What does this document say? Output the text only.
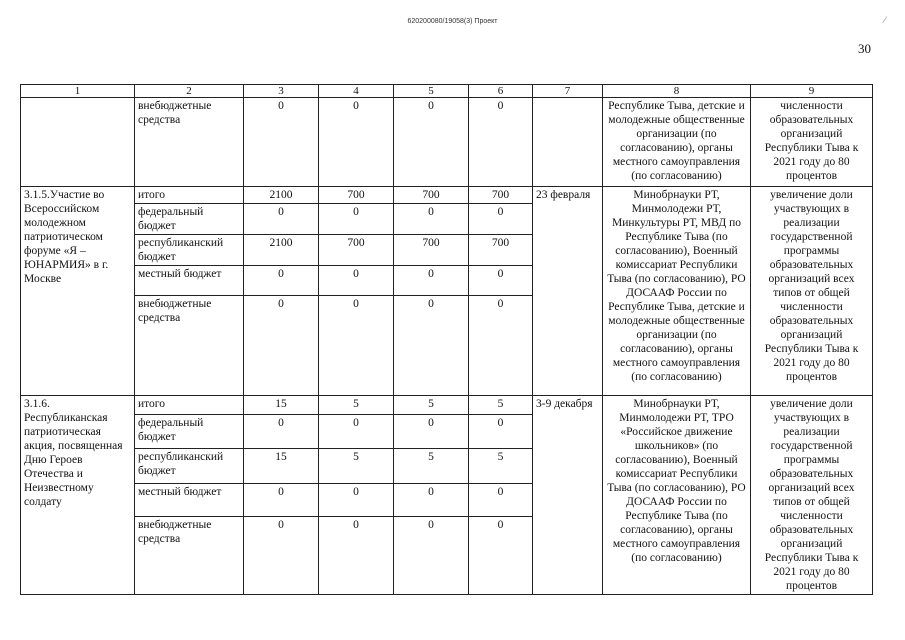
620200080/19058(3) Проект	⁄
30
1	2	3	4	5	6	7	8	9
	внебюджетные средства	0	0	0	0		Республике Тыва, детские и молодежные общественные организации (по согласованию), органы местного самоуправления (по согласованию)	численности образовательных организаций Республики Тыва к 2021 году до 80 процентов
3.1.5.Участие во Всероссийском молодежном патриотическом форуме «Я – ЮНАРМИЯ» в г. Москве	итого	2100	700	700	700	23 февраля	Минобрнауки РТ, Минмолодежи РТ, Минкультуры РТ, МВД по Республике Тыва (по согласованию), Военный комиссариат Республики Тыва (по согласованию), РО ДОСААФ России по Республике Тыва, детские и молодежные общественные организации (по согласованию), органы местного самоуправления (по согласованию)	увеличение доли участвующих в реализации государственной программы образовательных организаций всех типов от общей численности образовательных организаций Республики Тыва к 2021 году до 80 процентов
	федеральный бюджет	0	0	0	0			
	республиканский бюджет	2100	700	700	700			
	местный бюджет	0	0	0	0			
	внебюджетные средства	0	0	0	0			
3.1.6. Республиканская патриотическая акция, посвященная Дню Героев Отечества и Неизвестному солдату	итого	15	5	5	5	3-9 декабря	Минобрнауки РТ, Минмолодежи РТ, ТРО «Российское движение школьников» (по согласованию), Военный комиссариат Республики Тыва (по согласованию), РО ДОСААФ России по Республике Тыва (по согласованию), органы местного самоуправления (по согласованию)	увеличение доли участвующих в реализации государственной программы образовательных организаций всех типов от общей численности образовательных организаций Республики Тыва к 2021 году до 80 процентов
	федеральный бюджет	0	0	0	0			
	республиканский бюджет	15	5	5	5			
	местный бюджет	0	0	0	0			
	внебюджетные средства	0	0	0	0			
